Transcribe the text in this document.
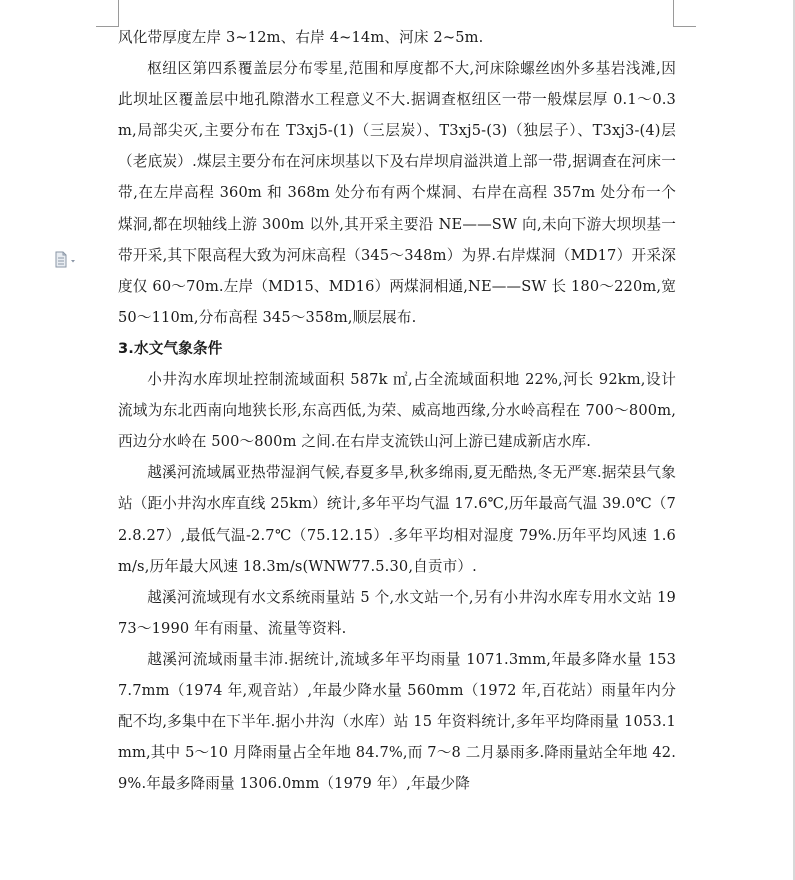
风化带厚度左岸 3~12m、右岸 4~14m、河床 2~5m.

枢纽区第四系覆盖层分布零星,范围和厚度都不大,河床除螺丝凼外多基岩浅滩,因此坝址区覆盖层中地孔隙潜水工程意义不大.据调查枢纽区一带一般煤层厚 0.1～0.3m,局部尖灭,主要分布在 T3xj5-(1)（三层炭）、T3xj5-(3)（独层子）、T3xj3-(4)层（老底炭）.煤层主要分布在河床坝基以下及右岸坝肩溢洪道上部一带,据调查在河床一带,在左岸高程 360m 和 368m 处分布有两个煤洞、右岸在高程 357m 处分布一个煤洞,都在坝轴线上游 300m 以外,其开采主要沿 NE——SW 向,未向下游大坝坝基一带开采,其下限高程大致为河床高程（345～348m）为界.右岸煤洞（MD17）开采深度仅 60～70m.左岸（MD15、MD16）两煤洞相通,NE——SW 长 180～220m,宽 50～110m,分布高程 345～358m,顺层展布.

3.水文气象条件

小井沟水库坝址控制流域面积 587k ㎡,占全流域面积地 22%,河长 92km,设计流域为东北西南向地狭长形,东高西低,为荣、威高地西缘,分水岭高程在 700～800m,西边分水岭在 500～800m 之间.在右岸支流铁山河上游已建成新店水库.

越溪河流域属亚热带湿润气候,春夏多旱,秋多绵雨,夏无酷热,冬无严寒.据荣县气象站（距小井沟水库直线 25km）统计,多年平均气温 17.6℃,历年最高气温 39.0℃（72.8.27）,最低气温-2.7℃（75.12.15）.多年平均相对湿度 79%.历年平均风速 1.6m/s,历年最大风速 18.3m/s(WNW77.5.30,自贡市）.

越溪河流域现有水文系统雨量站 5 个,水文站一个,另有小井沟水库专用水文站 1973～1990 年有雨量、流量等资料.

越溪河流域雨量丰沛.据统计,流域多年平均雨量 1071.3mm,年最多降水量 1537.7mm（1974 年,观音站）,年最少降水量 560mm（1972 年,百花站）雨量年内分配不均,多集中在下半年.据小井沟（水库）站 15 年资料统计,多年平均降雨量 1053.1mm,其中 5～10 月降雨量占全年地 84.7%,而 7～8 二月暴雨多.降雨量站全年地 42.9%.年最多降雨量 1306.0mm（1979 年）,年最少降
